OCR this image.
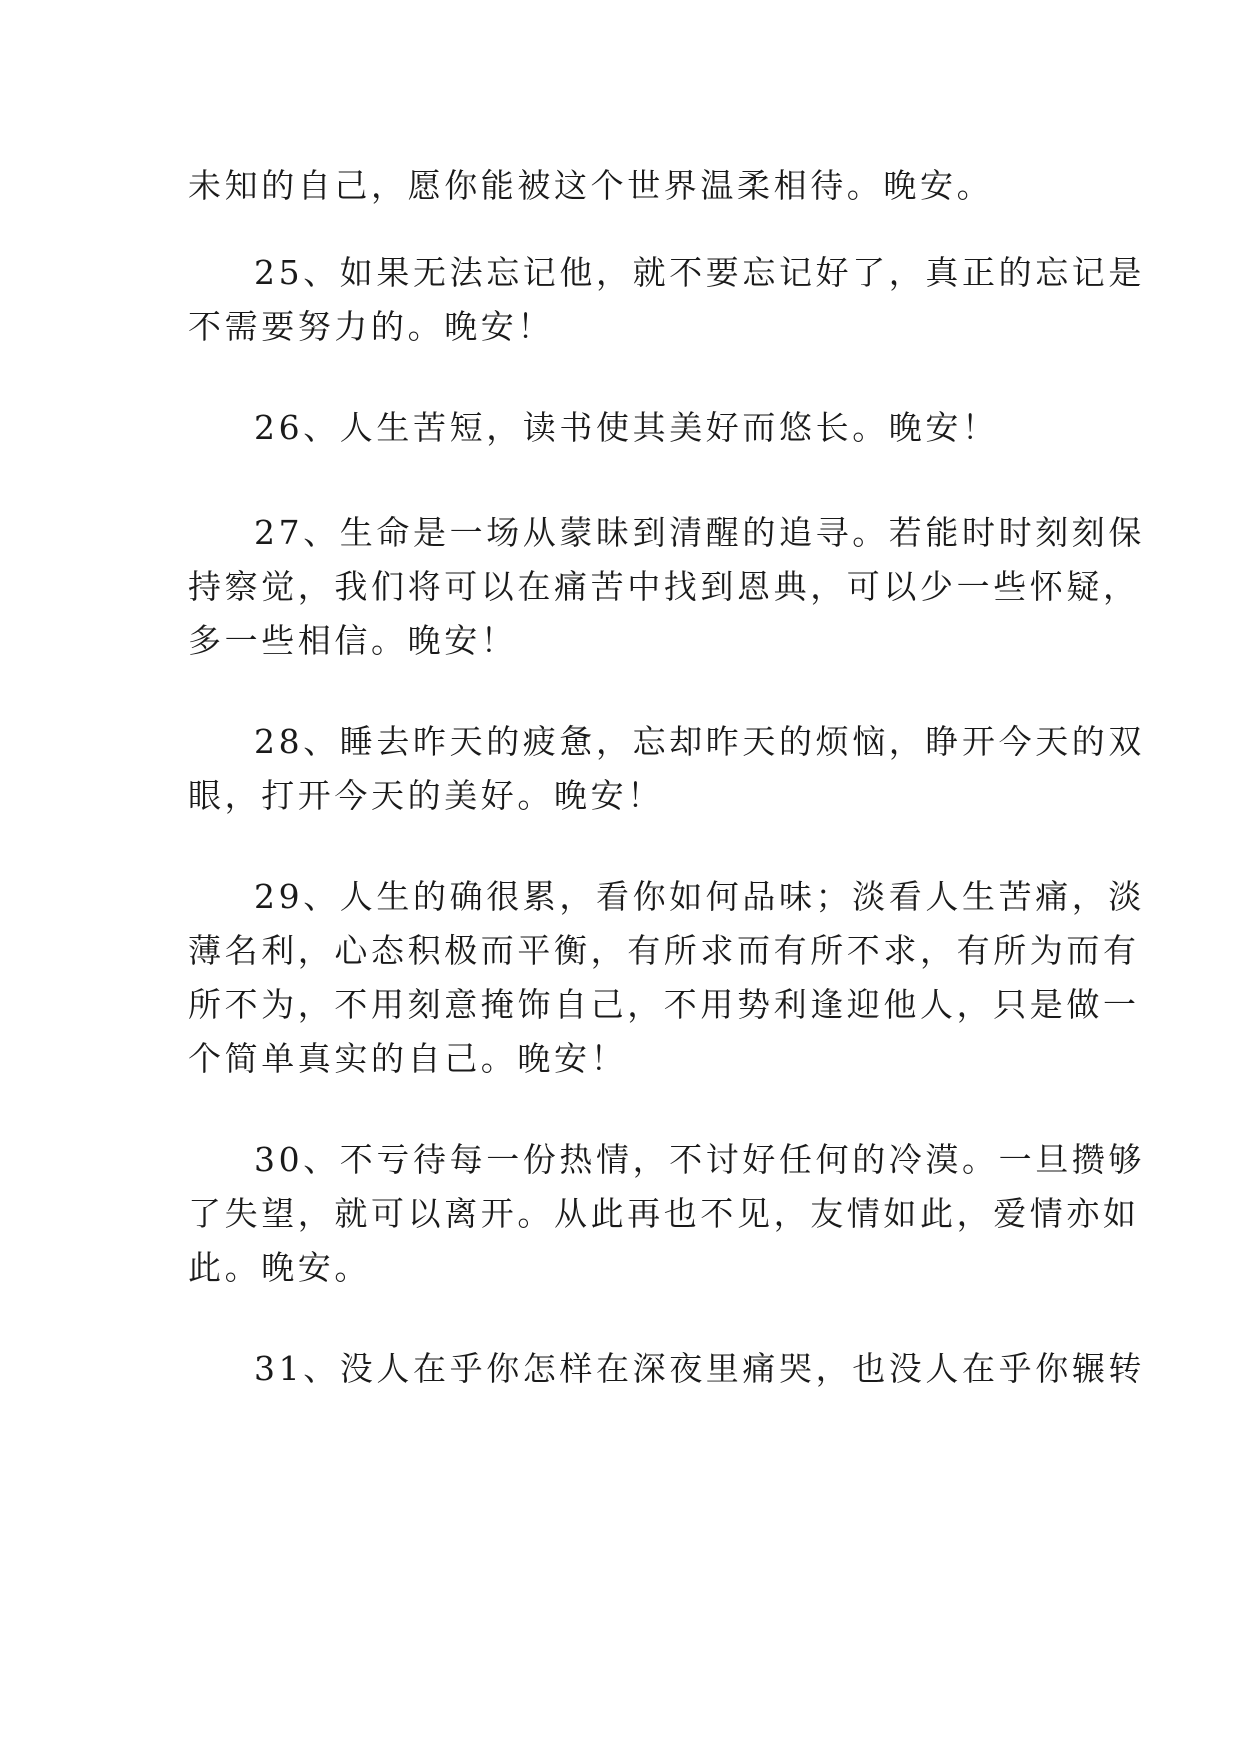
未知的自己，愿你能被这个世界温柔相待。晚安。
25、如果无法忘记他，就不要忘记好了，真正的忘记是
不需要努力的。晚安！
26、人生苦短，读书使其美好而悠长。晚安！
27、生命是一场从蒙昧到清醒的追寻。若能时时刻刻保
持察觉，我们将可以在痛苦中找到恩典，可以少一些怀疑，
多一些相信。晚安！
28、睡去昨天的疲惫，忘却昨天的烦恼，睁开今天的双
眼，打开今天的美好。晚安！
29、人生的确很累，看你如何品味；淡看人生苦痛，淡
薄名利，心态积极而平衡，有所求而有所不求，有所为而有
所不为，不用刻意掩饰自己，不用势利逢迎他人，只是做一
个简单真实的自己。晚安！
30、不亏待每一份热情，不讨好任何的冷漠。一旦攒够
了失望，就可以离开。从此再也不见，友情如此，爱情亦如
此。晚安。
31、没人在乎你怎样在深夜里痛哭，也没人在乎你辗转
